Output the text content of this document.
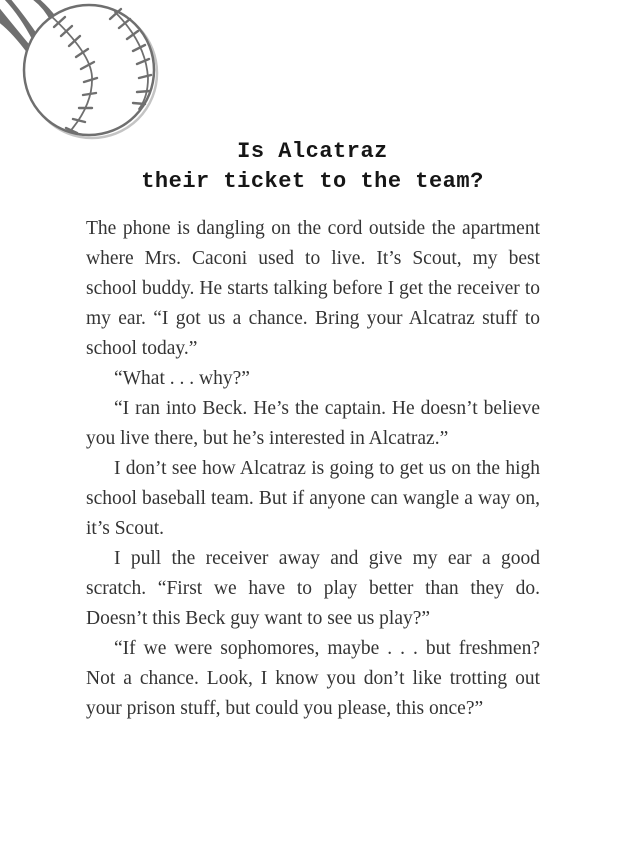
Is Alcatraz
their ticket to the team?

The phone is dangling on the cord outside the apartment where Mrs. Caconi used to live. It’s Scout, my best school buddy. He starts talking before I get the receiver to my ear. “I got us a chance. Bring your Alcatraz stuff to school today.”

“What . . . why?”

“I ran into Beck. He’s the captain. He doesn’t believe you live there, but he’s interested in Alcatraz.”

I don’t see how Alcatraz is going to get us on the high school baseball team. But if anyone can wangle a way on, it’s Scout.

I pull the receiver away and give my ear a good scratch. “First we have to play better than they do. Doesn’t this Beck guy want to see us play?”

“If we were sophomores, maybe . . . but freshmen? Not a chance. Look, I know you don’t like trotting out your prison stuff, but could you please, this once?”
